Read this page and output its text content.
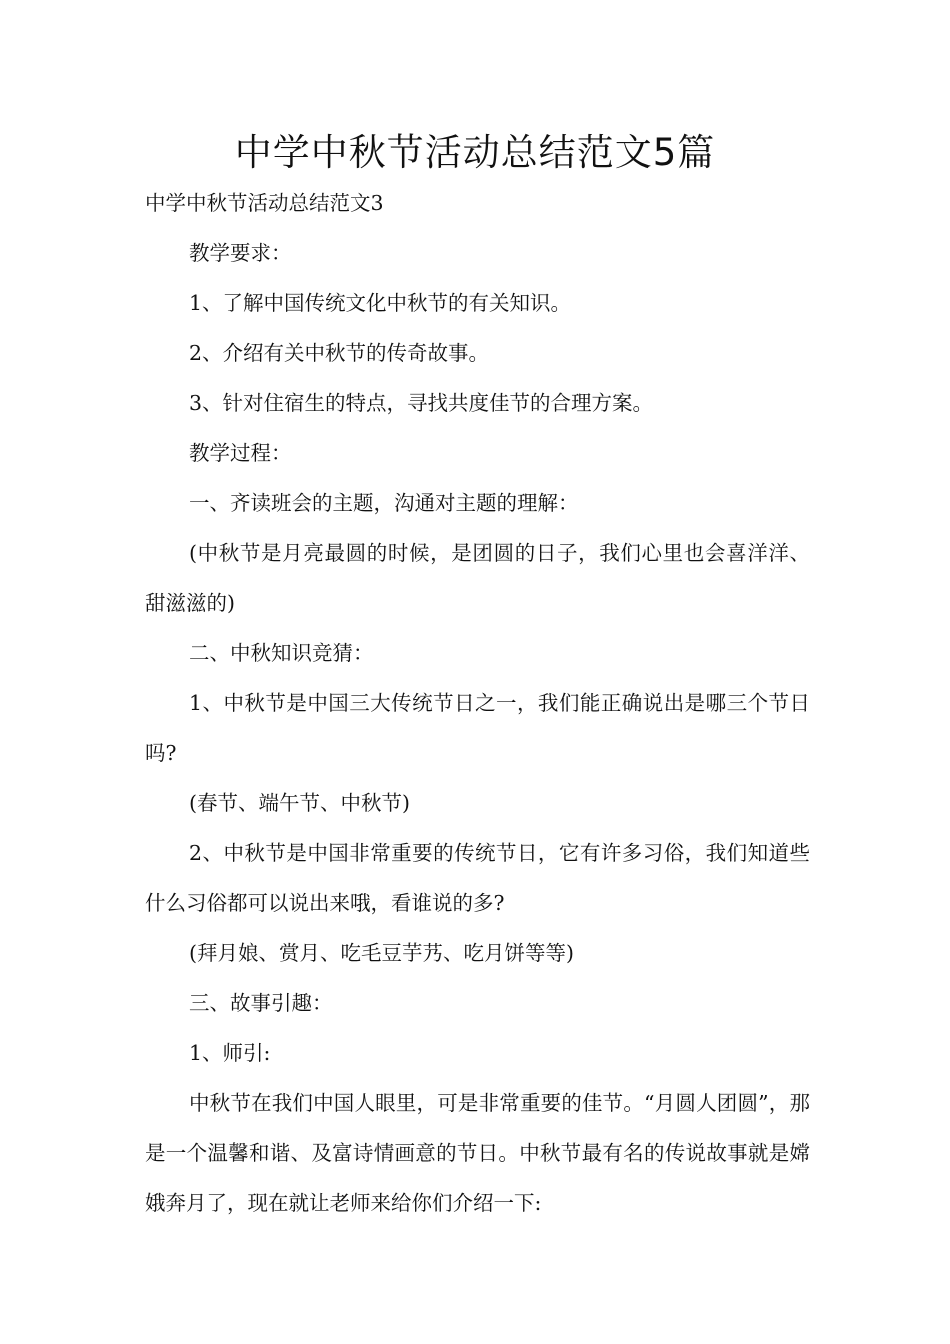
中学中秋节活动总结范文5篇

中学中秋节活动总结范文3

教学要求：

1、了解中国传统文化中秋节的有关知识。

2、介绍有关中秋节的传奇故事。

3、针对住宿生的特点，寻找共度佳节的合理方案。

教学过程：

一、齐读班会的主题，沟通对主题的理解：

(中秋节是月亮最圆的时候，是团圆的日子，我们心里也会喜洋洋、甜滋滋的)

二、中秋知识竞猜：

1、中秋节是中国三大传统节日之一，我们能正确说出是哪三个节日吗?

(春节、端午节、中秋节)

2、中秋节是中国非常重要的传统节日，它有许多习俗，我们知道些什么习俗都可以说出来哦，看谁说的多?

(拜月娘、赏月、吃毛豆芋艿、吃月饼等等)

三、故事引趣：

1、师引:

中秋节在我们中国人眼里，可是非常重要的佳节。“月圆人团圆”，那是一个温馨和谐、及富诗情画意的节日。中秋节最有名的传说故事就是嫦娥奔月了，现在就让老师来给你们介绍一下:
